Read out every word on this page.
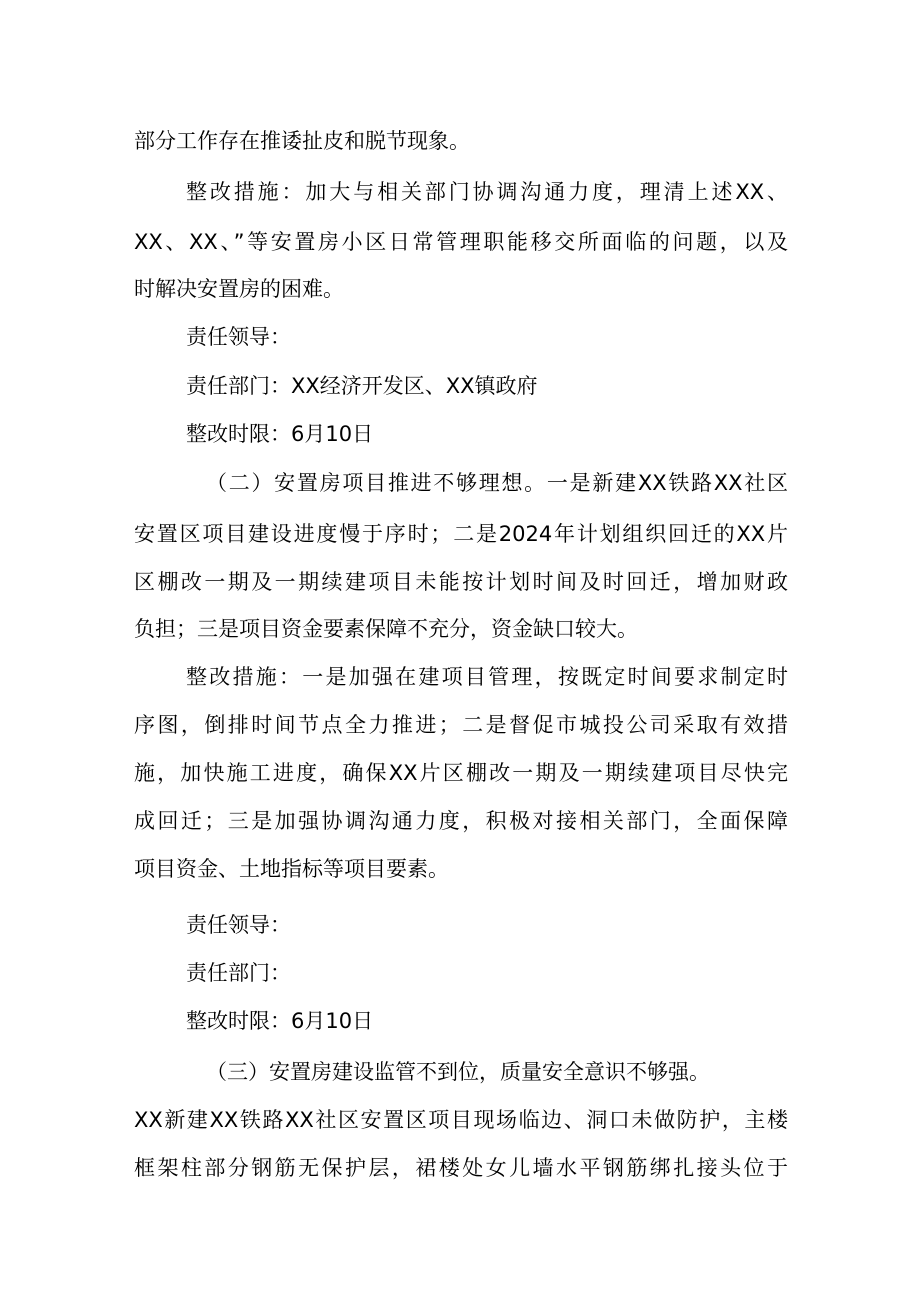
部分工作存在推诿扯皮和脱节现象。

整改措施：加大与相关部门协调沟通力度，理清上述XX、

XX、XX、”等安置房小区日常管理职能移交所面临的问题，以及

时解决安置房的困难。

责任领导：

责任部门：XX经济开发区、XX镇政府

整改时限：6月10日

（二）安置房项目推进不够理想。一是新建XX铁路XX社区

安置区项目建设进度慢于序时；二是2024年计划组织回迁的XX片

区棚改一期及一期续建项目未能按计划时间及时回迁，增加财政

负担；三是项目资金要素保障不充分，资金缺口较大。

整改措施：一是加强在建项目管理，按既定时间要求制定时

序图，倒排时间节点全力推进；二是督促市城投公司采取有效措

施，加快施工进度，确保XX片区棚改一期及一期续建项目尽快完

成回迁；三是加强协调沟通力度，积极对接相关部门，全面保障

项目资金、土地指标等项目要素。

责任领导：

责任部门：

整改时限：6月10日

（三）安置房建设监管不到位，质量安全意识不够强。

XX新建XX铁路XX社区安置区项目现场临边、洞口未做防护，主楼

框架柱部分钢筋无保护层，裙楼处女儿墙水平钢筋绑扎接头位于
